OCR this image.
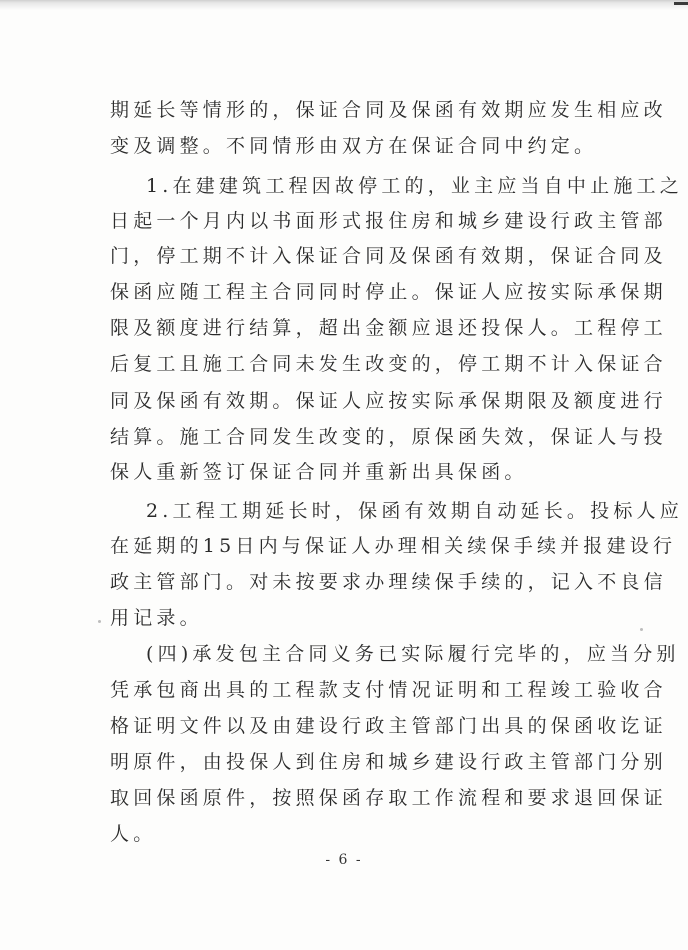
期延长等情形的，保证合同及保函有效期应发生相应改
变及调整。不同情形由双方在保证合同中约定。
1.在建建筑工程因故停工的，业主应当自中止施工之
日起一个月内以书面形式报住房和城乡建设行政主管部
门，停工期不计入保证合同及保函有效期，保证合同及
保函应随工程主合同同时停止。保证人应按实际承保期
限及额度进行结算，超出金额应退还投保人。工程停工
后复工且施工合同未发生改变的，停工期不计入保证合
同及保函有效期。保证人应按实际承保期限及额度进行
结算。施工合同发生改变的，原保函失效，保证人与投
保人重新签订保证合同并重新出具保函。
2.工程工期延长时，保函有效期自动延长。投标人应
在延期的15日内与保证人办理相关续保手续并报建设行
政主管部门。对未按要求办理续保手续的，记入不良信
用记录。
(四)承发包主合同义务已实际履行完毕的，应当分别
凭承包商出具的工程款支付情况证明和工程竣工验收合
格证明文件以及由建设行政主管部门出具的保函收讫证
明原件，由投保人到住房和城乡建设行政主管部门分别
取回保函原件，按照保函存取工作流程和要求退回保证
人。
- 6 -
